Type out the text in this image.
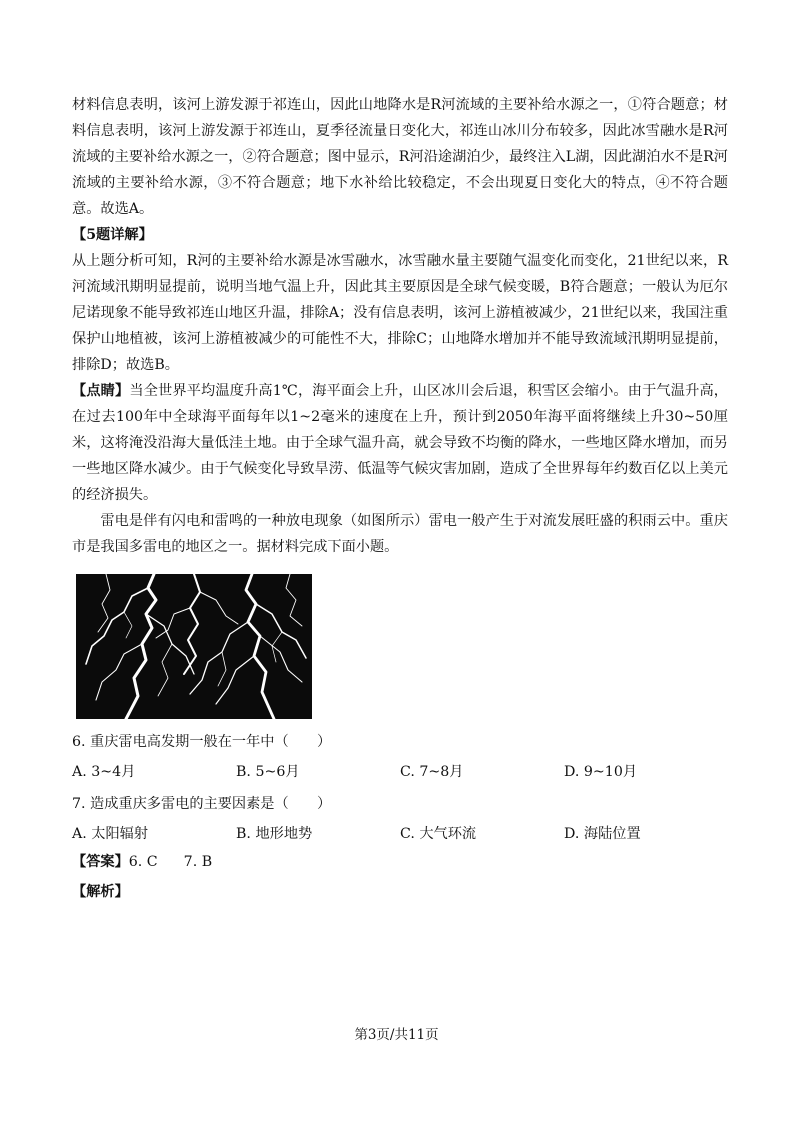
材料信息表明，该河上游发源于祁连山，因此山地降水是R河流域的主要补给水源之一，①符合题意；材料信息表明，该河上游发源于祁连山，夏季径流量日变化大，祁连山冰川分布较多，因此冰雪融水是R河流域的主要补给水源之一，②符合题意；图中显示，R河沿途湖泊少，最终注入L湖，因此湖泊水不是R河流域的主要补给水源，③不符合题意；地下水补给比较稳定，不会出现夏日变化大的特点，④不符合题意。故选A。

【5题详解】

从上题分析可知，R河的主要补给水源是冰雪融水，冰雪融水量主要随气温变化而变化，21世纪以来，R河流域汛期明显提前，说明当地气温上升，因此其主要原因是全球气候变暖，B符合题意；一般认为厄尔尼诺现象不能导致祁连山地区升温，排除A；没有信息表明，该河上游植被减少，21世纪以来，我国注重保护山地植被，该河上游植被减少的可能性不大，排除C；山地降水增加并不能导致流域汛期明显提前，排除D；故选B。

【点睛】当全世界平均温度升高1℃，海平面会上升，山区冰川会后退，积雪区会缩小。由于气温升高，在过去100年中全球海平面每年以1~2毫米的速度在上升，预计到2050年海平面将继续上升30~50厘米，这将淹没沿海大量低洼土地。由于全球气温升高，就会导致不均衡的降水，一些地区降水增加，而另一些地区降水减少。由于气候变化导致旱涝、低温等气候灾害加剧，造成了全世界每年约数百亿以上美元的经济损失。

雷电是伴有闪电和雷鸣的一种放电现象（如图所示）雷电一般产生于对流发展旺盛的积雨云中。重庆市是我国多雷电的地区之一。据材料完成下面小题。

6. 重庆雷电高发期一般在一年中（　　）

A. 3~4月	B. 5~6月	C. 7~8月	D. 9~10月

7. 造成重庆多雷电的主要因素是（　　）

A. 太阳辐射	B. 地形地势	C. 大气环流	D. 海陆位置

【答案】6. C 7. B

【解析】

第3页/共11页
